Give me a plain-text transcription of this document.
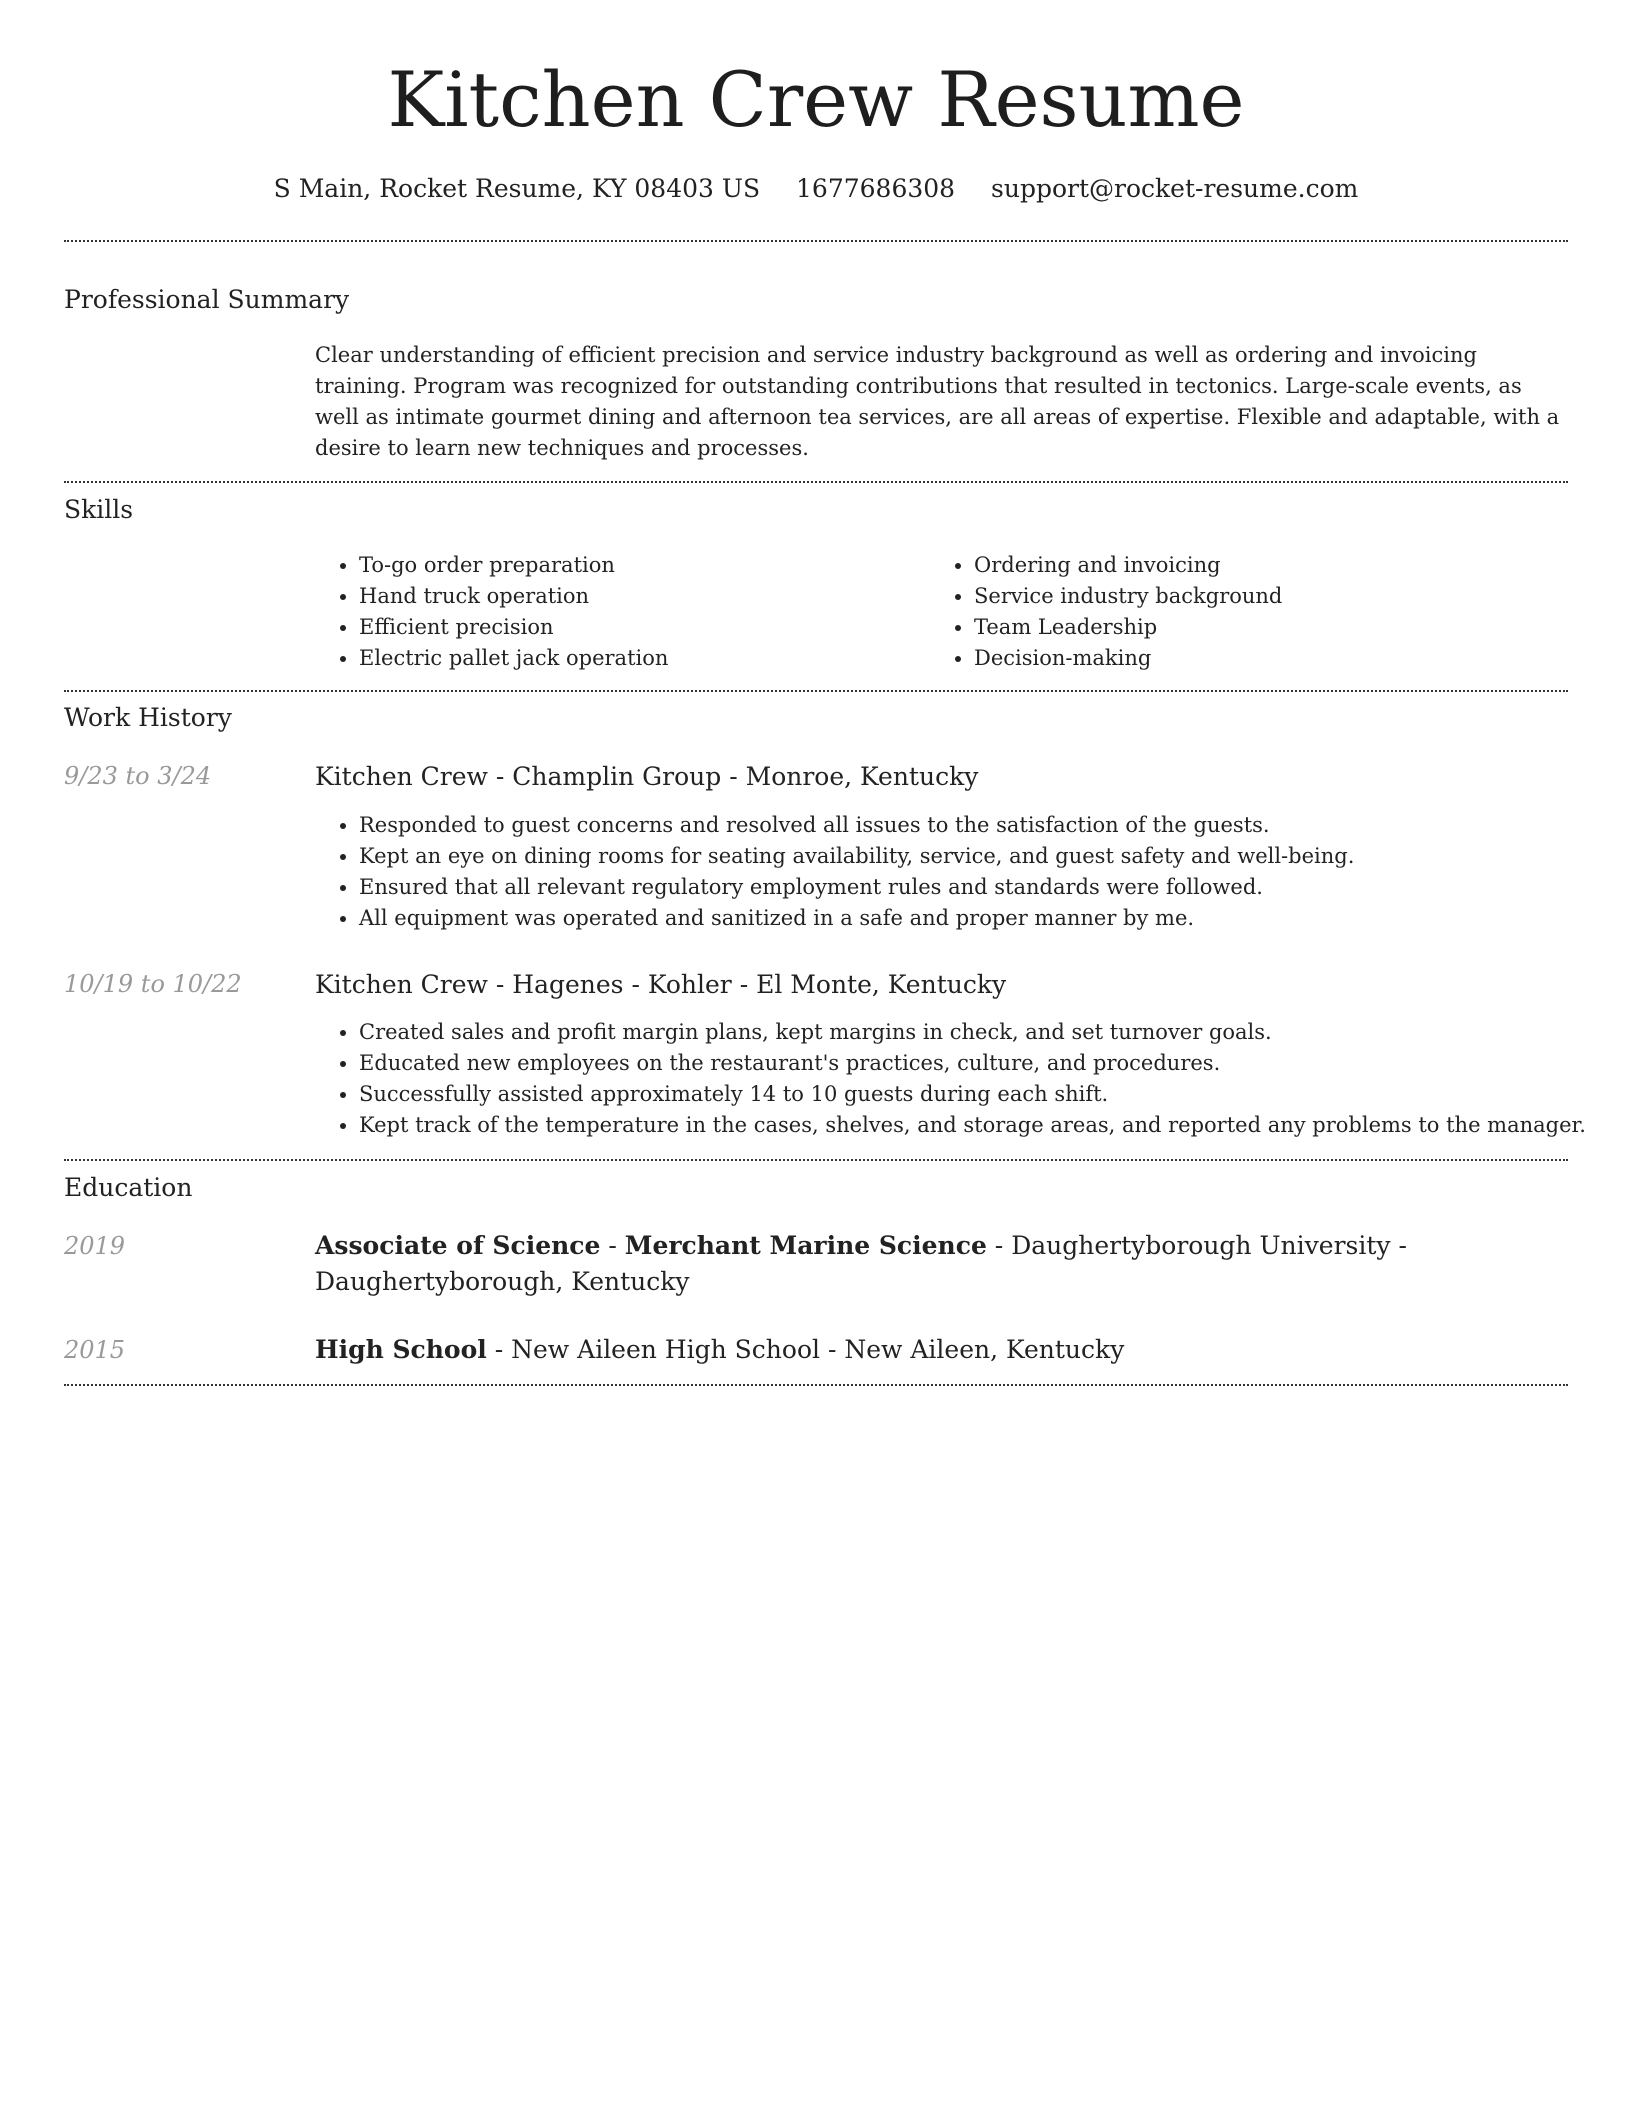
Kitchen Crew Resume
S Main, Rocket Resume, KY 08403 US 1677686308 support@rocket-resume.com
Professional Summary
Clear understanding of efficient precision and service industry background as well as ordering and invoicing training. Program was recognized for outstanding contributions that resulted in tectonics. Large-scale events, as well as intimate gourmet dining and afternoon tea services, are all areas of expertise. Flexible and adaptable, with a desire to learn new techniques and processes.
Skills
• To-go order preparation
• Hand truck operation
• Efficient precision
• Electric pallet jack operation
• Ordering and invoicing
• Service industry background
• Team Leadership
• Decision-making
Work History
9/23 to 3/24	Kitchen Crew - Champlin Group - Monroe, Kentucky
• Responded to guest concerns and resolved all issues to the satisfaction of the guests.
• Kept an eye on dining rooms for seating availability, service, and guest safety and well-being.
• Ensured that all relevant regulatory employment rules and standards were followed.
• All equipment was operated and sanitized in a safe and proper manner by me.
10/19 to 10/22	Kitchen Crew - Hagenes - Kohler - El Monte, Kentucky
• Created sales and profit margin plans, kept margins in check, and set turnover goals.
• Educated new employees on the restaurant's practices, culture, and procedures.
• Successfully assisted approximately 14 to 10 guests during each shift.
• Kept track of the temperature in the cases, shelves, and storage areas, and reported any problems to the manager.
Education
2019	Associate of Science - Merchant Marine Science - Daughertyborough University - Daughertyborough, Kentucky
2015	High School - New Aileen High School - New Aileen, Kentucky
